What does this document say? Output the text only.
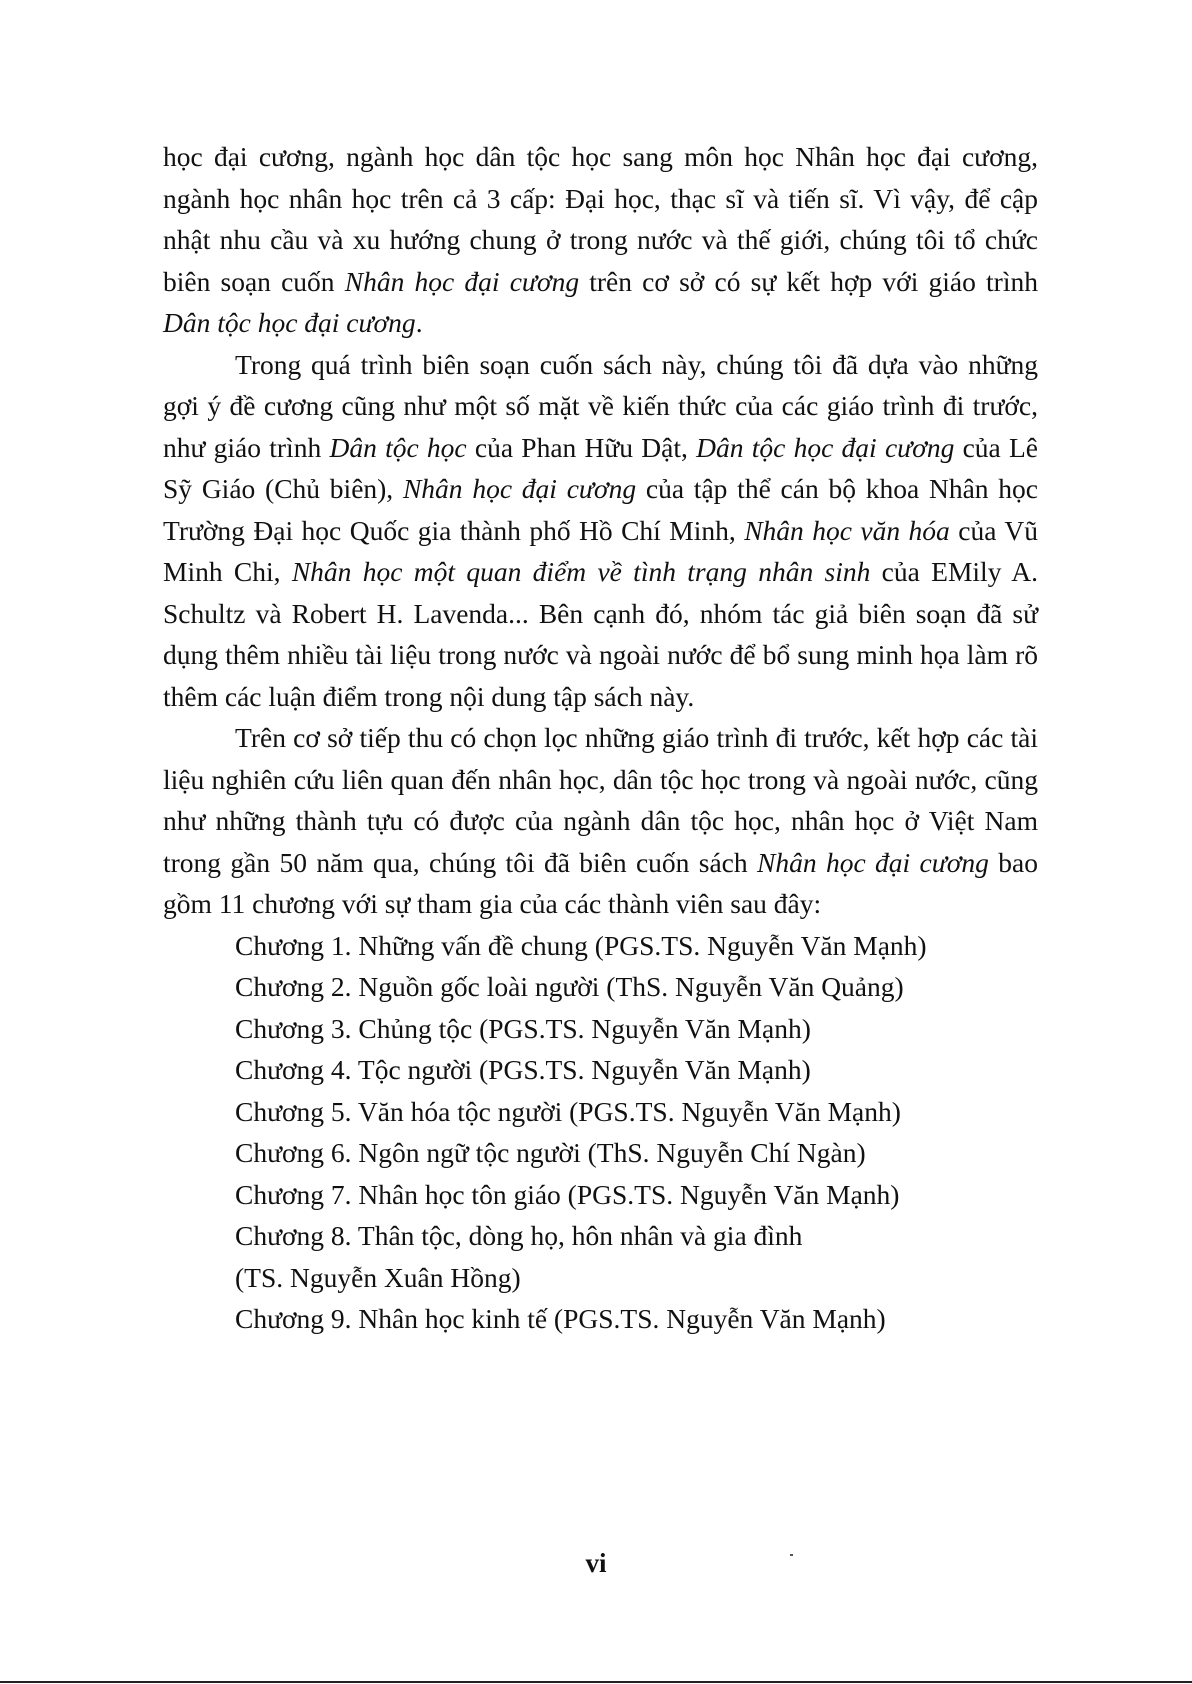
học đại cương, ngành học dân tộc học sang môn học Nhân học đại cương, ngành học nhân học trên cả 3 cấp: Đại học, thạc sĩ và tiến sĩ. Vì vậy, để cập nhật nhu cầu và xu hướng chung ở trong nước và thế giới, chúng tôi tổ chức biên soạn cuốn Nhân học đại cương trên cơ sở có sự kết hợp với giáo trình Dân tộc học đại cương.

Trong quá trình biên soạn cuốn sách này, chúng tôi đã dựa vào những gợi ý đề cương cũng như một số mặt về kiến thức của các giáo trình đi trước, như giáo trình Dân tộc học của Phan Hữu Dật, Dân tộc học đại cương của Lê Sỹ Giáo (Chủ biên), Nhân học đại cương của tập thể cán bộ khoa Nhân học Trường Đại học Quốc gia thành phố Hồ Chí Minh, Nhân học văn hóa của Vũ Minh Chi, Nhân học một quan điểm về tình trạng nhân sinh của EMily A. Schultz và Robert H. Lavenda... Bên cạnh đó, nhóm tác giả biên soạn đã sử dụng thêm nhiều tài liệu trong nước và ngoài nước để bổ sung minh họa làm rõ thêm các luận điểm trong nội dung tập sách này.

Trên cơ sở tiếp thu có chọn lọc những giáo trình đi trước, kết hợp các tài liệu nghiên cứu liên quan đến nhân học, dân tộc học trong và ngoài nước, cũng như những thành tựu có được của ngành dân tộc học, nhân học ở Việt Nam trong gần 50 năm qua, chúng tôi đã biên cuốn sách Nhân học đại cương bao gồm 11 chương với sự tham gia của các thành viên sau đây:

Chương 1. Những vấn đề chung (PGS.TS. Nguyễn Văn Mạnh)

Chương 2. Nguồn gốc loài người (ThS. Nguyễn Văn Quảng)

Chương 3. Chủng tộc (PGS.TS. Nguyễn Văn Mạnh)

Chương 4. Tộc người (PGS.TS. Nguyễn Văn Mạnh)

Chương 5. Văn hóa tộc người (PGS.TS. Nguyễn Văn Mạnh)

Chương 6. Ngôn ngữ tộc người (ThS. Nguyễn Chí Ngàn)

Chương 7. Nhân học tôn giáo (PGS.TS. Nguyễn Văn Mạnh)

Chương 8. Thân tộc, dòng họ, hôn nhân và gia đình

(TS. Nguyễn Xuân Hồng)

Chương 9. Nhân học kinh tế (PGS.TS. Nguyễn Văn Mạnh)

vi
